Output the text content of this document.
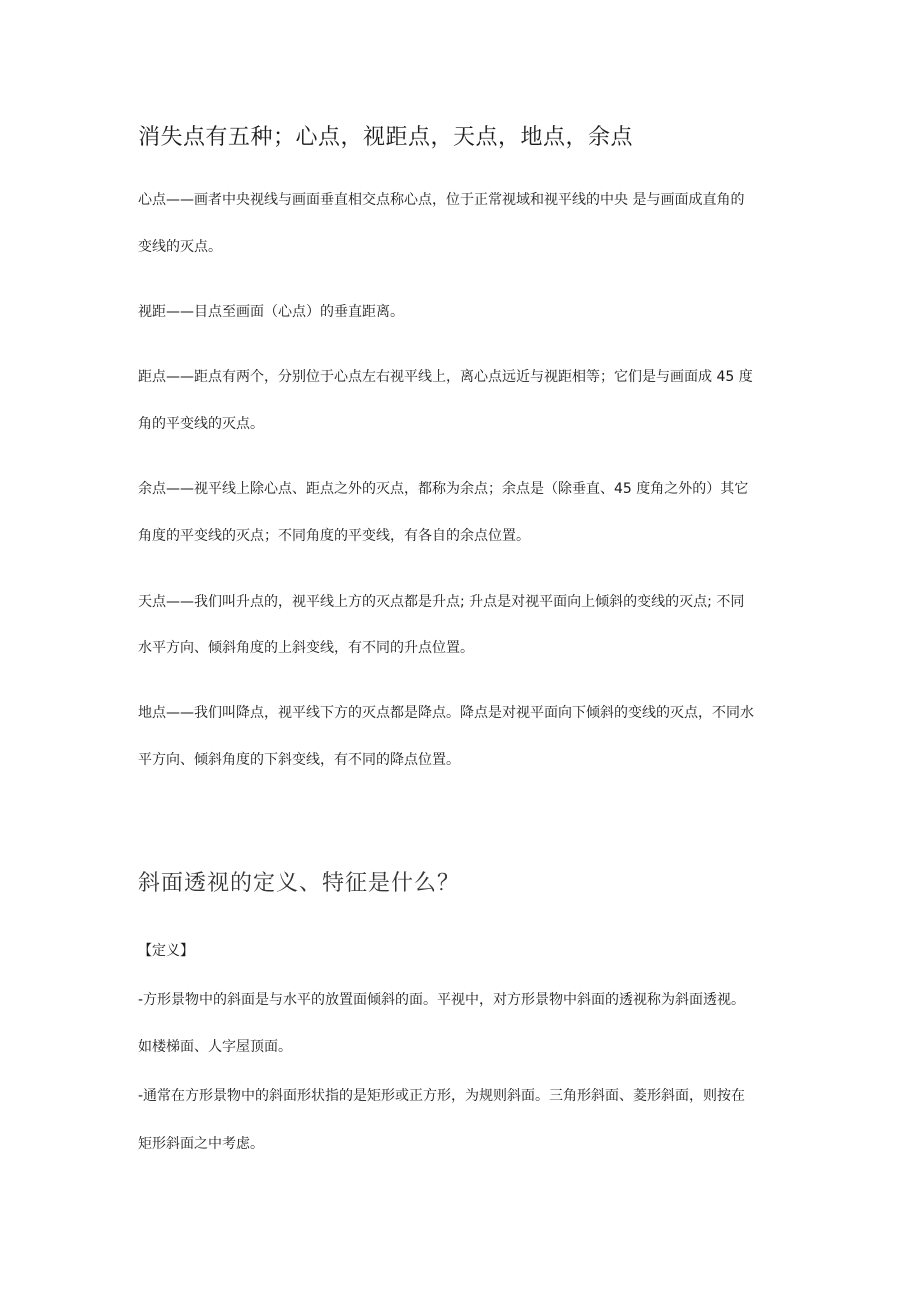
消失点有五种；心点，视距点，天点，地点，余点

心点——画者中央视线与画面垂直相交点称心点，位于正常视域和视平线的中央 是与画面成直角的

变线的灭点。

视距——目点至画面（心点）的垂直距离。

距点——距点有两个，分别位于心点左右视平线上，离心点远近与视距相等；它们是与画面成 45 度

角的平变线的灭点。

余点——视平线上除心点、距点之外的灭点，都称为余点；余点是（除垂直、45 度角之外的）其它

角度的平变线的灭点；不同角度的平变线，有各自的余点位置。

天点——我们叫升点的，视平线上方的灭点都是升点; 升点是对视平面向上倾斜的变线的灭点; 不同

水平方向、倾斜角度的上斜变线，有不同的升点位置。

地点——我们叫降点，视平线下方的灭点都是降点。降点是对视平面向下倾斜的变线的灭点，不同水

平方向、倾斜角度的下斜变线，有不同的降点位置。

斜面透视的定义、特征是什么？

【定义】

-方形景物中的斜面是与水平的放置面倾斜的面。平视中，对方形景物中斜面的透视称为斜面透视。

如楼梯面、人字屋顶面。

-通常在方形景物中的斜面形状指的是矩形或正方形，为规则斜面。三角形斜面、菱形斜面，则按在

矩形斜面之中考虑。
